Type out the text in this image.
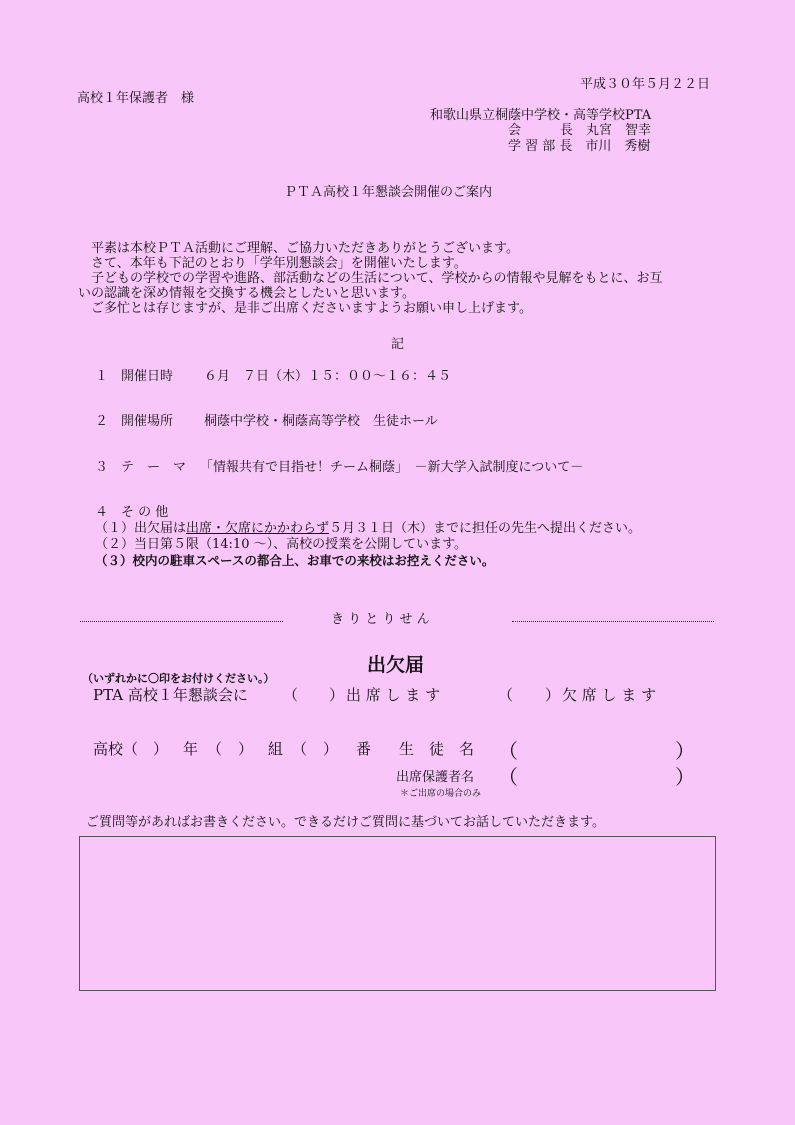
平成３０年５月２２日
高校１年保護者　様
和歌山県立桐蔭中学校・高等学校PTA
会　　　長　丸宮　智幸
学 習 部 長　市川　秀樹
ＰＴＡ高校１年懇談会開催のご案内
　平素は本校ＰＴＡ活動にご理解、ご協力いただきありがとうございます。
　さて、本年も下記のとおり「学年別懇談会」を開催いたします。
　子どもの学校での学習や進路、部活動などの生活について、学校からの情報や見解をもとに、お互
いの認識を深め情報を交換する機会としたいと思います。
　ご多忙とは存じますが、是非ご出席くださいますようお願い申し上げます。
記
１　開催日時 ６月　７日（木）１５：００～１６：４５
２　開催場所 桐蔭中学校・桐蔭高等学校　生徒ホール
３　テ　ー　マ 「情報共有で目指せ！チーム桐蔭」　－新大学入試制度について－
４　そ の 他
（１）出欠届は出席・欠席にかかわらず５月３１日（木）までに担任の先生へ提出ください。
（２）当日第５限（14:10 ～）、高校の授業を公開しています。
（３）校内の駐車スペースの都合上、お車での来校はお控えください。
き り と り せ ん
出欠届
（いずれかに〇印をお付けください。）
PTA 高校１年懇談会に （ ） 出 席 し ま す	（ ） 欠 席 し ま す
高校 （ ） 年 （ ） 組 （ ） 番 生　徒　名 （	）
出席保護者名 （	）
＊ご出席の場合のみ
ご質問等があればお書きください。できるだけご質問に基づいてお話していただきます。
